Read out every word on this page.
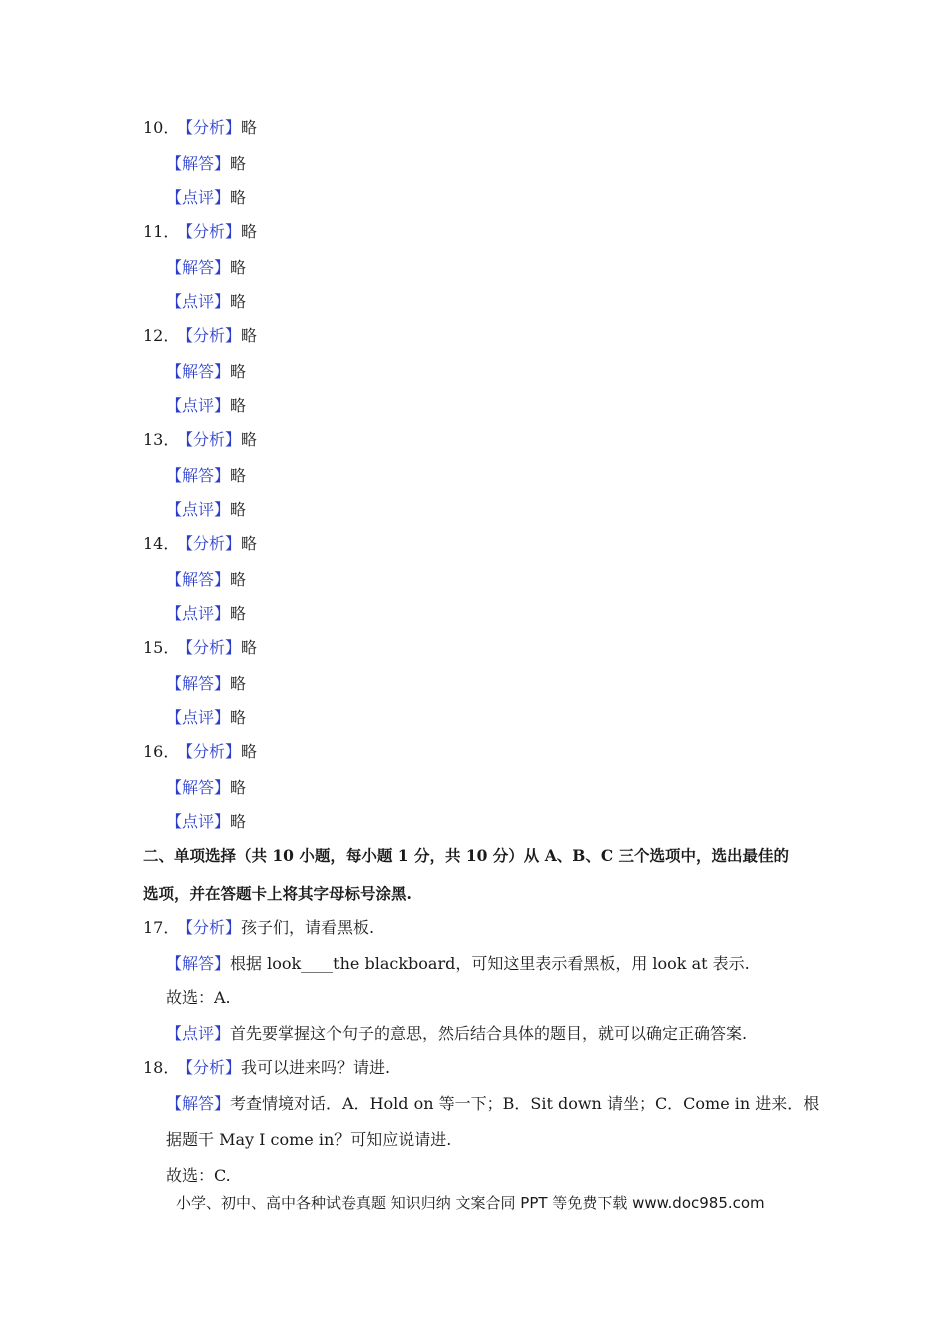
10．【分析】略
【解答】略
【点评】略
11．【分析】略
【解答】略
【点评】略
12．【分析】略
【解答】略
【点评】略
13．【分析】略
【解答】略
【点评】略
14．【分析】略
【解答】略
【点评】略
15．【分析】略
【解答】略
【点评】略
16．【分析】略
【解答】略
【点评】略
二、单项选择（共 10 小题，每小题 1 分，共 10 分）从 A、B、C 三个选项中，选出最佳的
选项，并在答题卡上将其字母标号涂黑.
17．【分析】孩子们，请看黑板.
【解答】根据 look____the blackboard，可知这里表示看黑板，用 look at 表示.
故选：A.
【点评】首先要掌握这个句子的意思，然后结合具体的题目，就可以确定正确答案.
18．【分析】我可以进来吗？请进.
【解答】考查情境对话．A．Hold on 等一下；B．Sit down 请坐；C．Come in 进来．根
据题干 May I come in？可知应说请进.
故选：C.
小学、初中、高中各种试卷真题 知识归纳 文案合同 PPT 等免费下载 www.doc985.com
